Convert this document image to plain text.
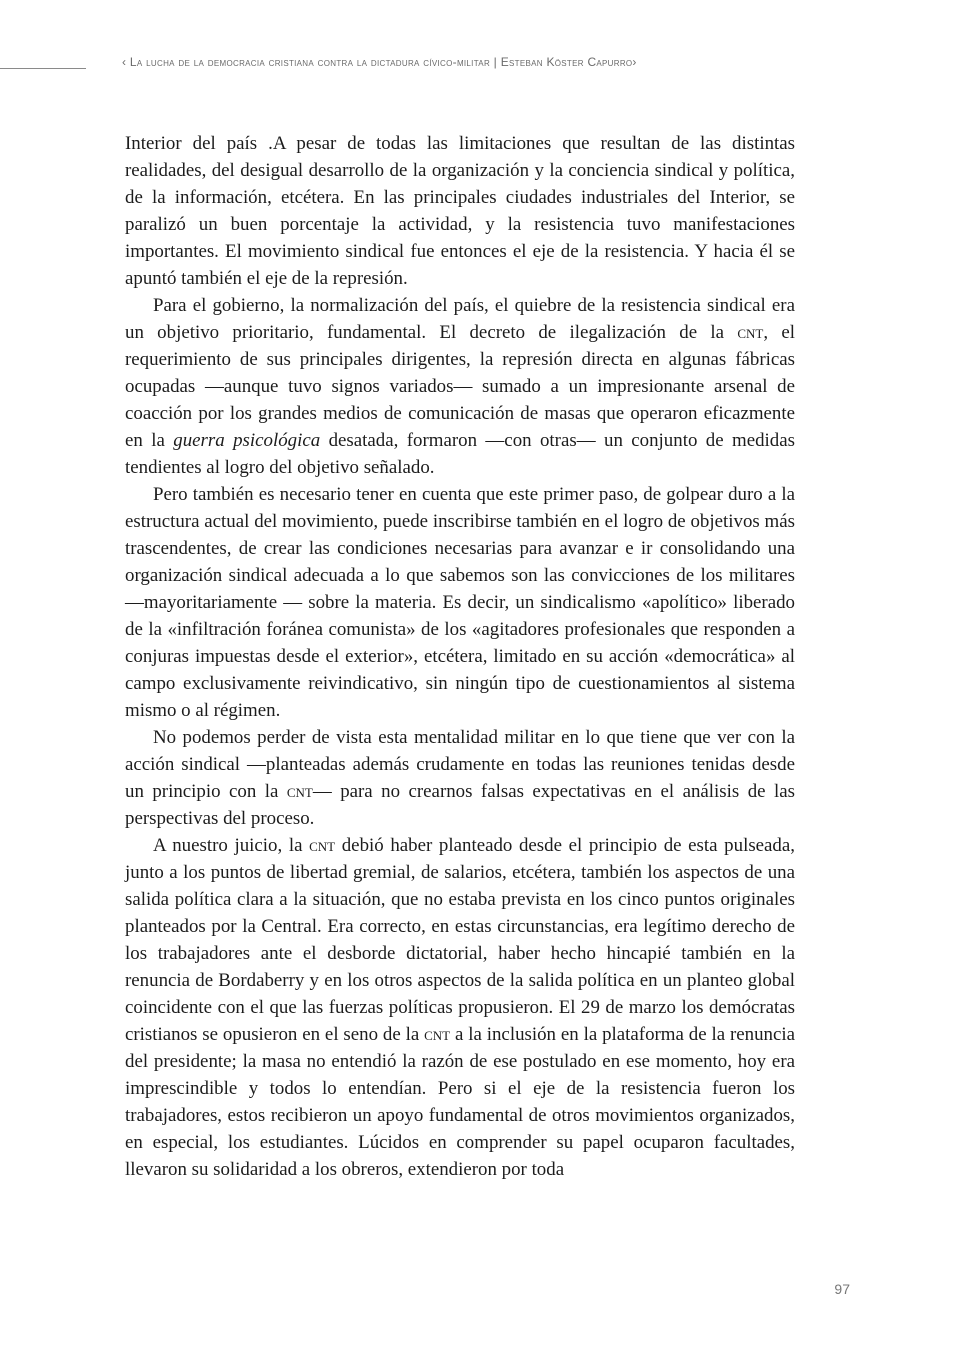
‹ La lucha de la democracia cristiana contra la dictadura cívico-militar | Esteban Köster Capurro›

Interior del país .A pesar de todas las limitaciones que resultan de las distintas realidades, del desigual desarrollo de la organización y la conciencia sindical y política, de la información, etcétera. En las principales ciudades industriales del Interior, se paralizó un buen porcentaje la actividad, y la resistencia tuvo manifestaciones importantes. El movimiento sindical fue entonces el eje de la resistencia. Y hacia él se apuntó también el eje de la represión.

Para el gobierno, la normalización del país, el quiebre de la resistencia sindical era un objetivo prioritario, fundamental. El decreto de ilegalización de la cnt, el requerimiento de sus principales dirigentes, la represión directa en algunas fábricas ocupadas —aunque tuvo signos variados— sumado a un impresionante arsenal de coacción por los grandes medios de comunicación de masas que operaron eficazmente en la guerra psicológica desatada, formaron —con otras— un conjunto de medidas tendientes al logro del objetivo señalado.

Pero también es necesario tener en cuenta que este primer paso, de golpear duro a la estructura actual del movimiento, puede inscribirse también en el logro de objetivos más trascendentes, de crear las condiciones necesarias para avanzar e ir consolidando una organización sindical adecuada a lo que sabemos son las convicciones de los militares —mayoritariamente — sobre la materia. Es decir, un sindicalismo «apolítico» liberado de la «infiltración foránea comunista» de los «agitadores profesionales que responden a conjuras impuestas desde el exterior», etcétera, limitado en su acción «democrática» al campo exclusivamente reivindicativo, sin ningún tipo de cuestionamientos al sistema mismo o al régimen.

No podemos perder de vista esta mentalidad militar en lo que tiene que ver con la acción sindical —planteadas además crudamente en todas las reuniones tenidas desde un principio con la cnt— para no crearnos falsas expectativas en el análisis de las perspectivas del proceso.

A nuestro juicio, la cnt debió haber planteado desde el principio de esta pulseada, junto a los puntos de libertad gremial, de salarios, etcétera, también los aspectos de una salida política clara a la situación, que no estaba prevista en los cinco puntos originales planteados por la Central. Era correcto, en estas circunstancias, era legítimo derecho de los trabajadores ante el desborde dictatorial, haber hecho hincapié también en la renuncia de Bordaberry y en los otros aspectos de la salida política en un planteo global coincidente con el que las fuerzas políticas propusieron. El 29 de marzo los demócratas cristianos se opusieron en el seno de la cnt a la inclusión en la plataforma de la renuncia del presidente; la masa no entendió la razón de ese postulado en ese momento, hoy era imprescindible y todos lo entendían. Pero si el eje de la resistencia fueron los trabajadores, estos recibieron un apoyo fundamental de otros movimientos organizados, en especial, los estudiantes. Lúcidos en comprender su papel ocuparon facultades, llevaron su solidaridad a los obreros, extendieron por toda

97
